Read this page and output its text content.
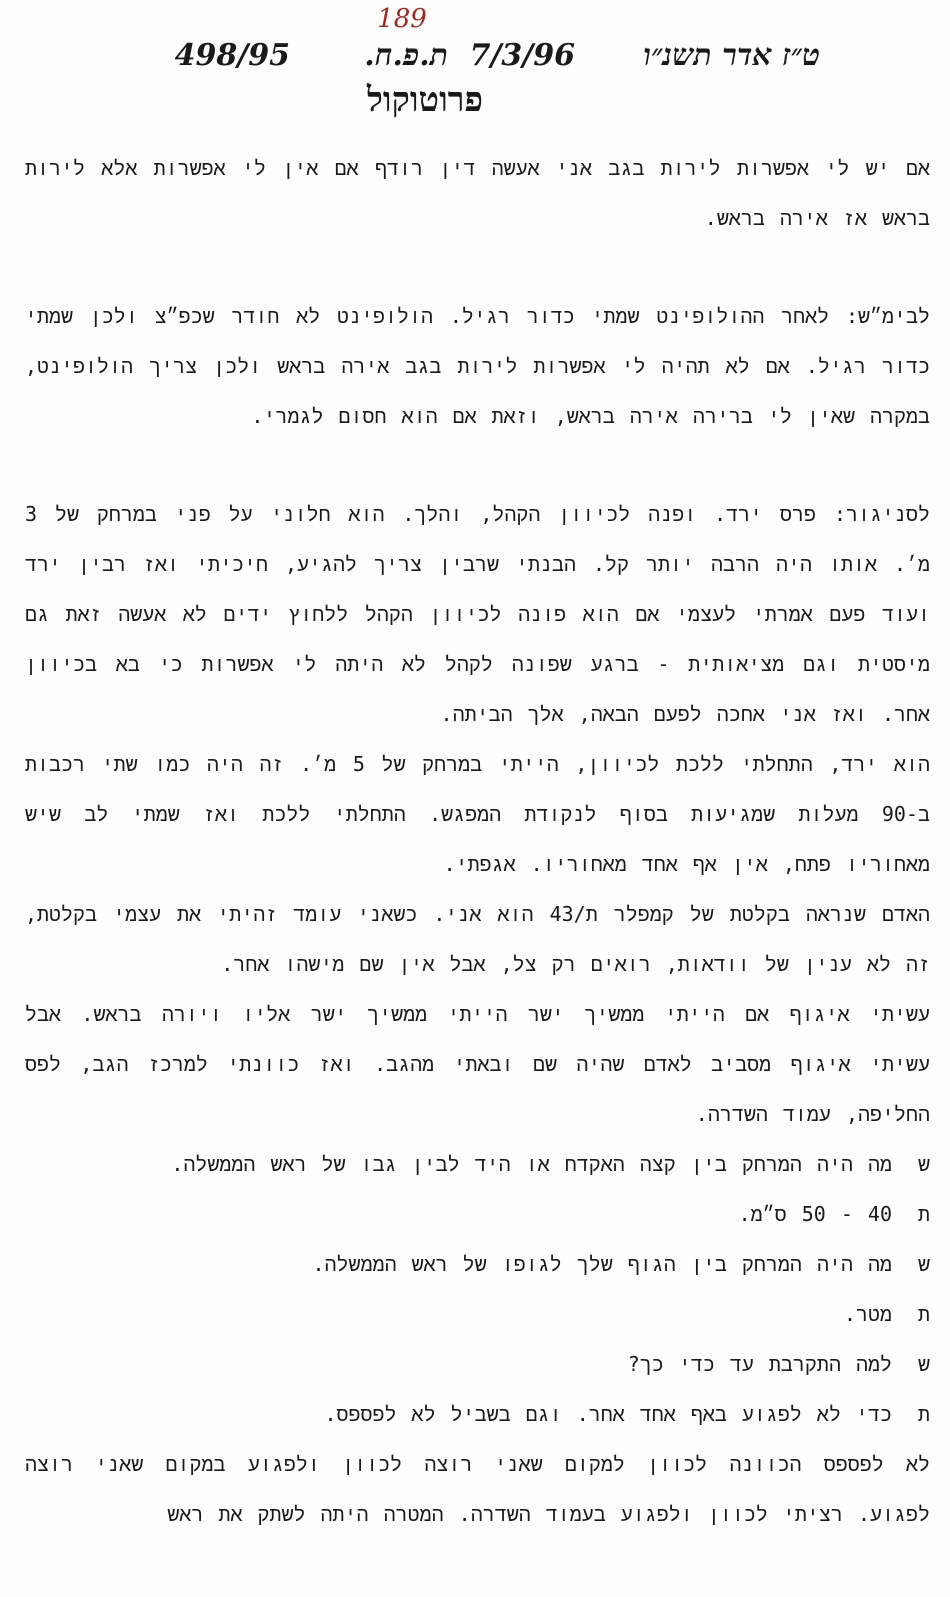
189
ט״ז אדר תשנ״ו
7/3/96
ת.פ.ח.
498/95
פרוטוקול

אם יש לי אפשרות לירות בגב אני אעשה דין רודף אם אין לי אפשרות אלא לירות בראש אז אירה בראש.

לבימ״ש: לאחר ההולופינט שמתי כדור רגיל. הולופינט לא חודר שכפ״צ ולכן שמתי כדור רגיל. אם לא תהיה לי אפשרות לירות בגב אירה בראש ולכן צריך הולופינט, במקרה שאין לי ברירה אירה בראש, וזאת אם הוא חסום לגמרי.

לסניגור: פרס ירד. ופנה לכיוון הקהל, והלך. הוא חלוני על פני במרחק של 3 מ׳. אותו היה הרבה יותר קל. הבנתי שרבין צריך להגיע, חיכיתי ואז רבין ירד ועוד פעם אמרתי לעצמי אם הוא פונה לכיוון הקהל ללחוץ ידים לא אעשה זאת גם מיסטית וגם מציאותית - ברגע שפונה לקהל לא היתה לי אפשרות כי בא בכיוון אחר. ואז אני אחכה לפעם הבאה, אלך הביתה.

הוא ירד, התחלתי ללכת לכיוון, הייתי במרחק של 5 מ׳. זה היה כמו שתי רכבות ב-90 מעלות שמגיעות בסוף לנקודת המפגש. התחלתי ללכת ואז שמתי לב שיש מאחוריו פתח, אין אף אחד מאחוריו. אגפתי.

האדם שנראה בקלטת של קמפלר ת/43 הוא אני. כשאני עומד זהיתי את עצמי בקלטת, זה לא ענין של וודאות, רואים רק צל, אבל אין שם מישהו אחר.

עשיתי איגוף אם הייתי ממשיך ישר הייתי ממשיך ישר אליו ויורה בראש. אבל עשיתי איגוף מסביב לאדם שהיה שם ובאתי מהגב. ואז כוונתי למרכז הגב, לפס החליפה, עמוד השדרה.

ש
מה היה המרחק בין קצה האקדח או היד לבין גבו של ראש הממשלה.
ת
40 - 50 ס״מ.
ש
מה היה המרחק בין הגוף שלך לגופו של ראש הממשלה.
ת
מטר.
ש
למה התקרבת עד כדי כך?
ת
כדי לא לפגוע באף אחד אחר. וגם בשביל לא לפספס.

לא לפספס הכוונה לכוון למקום שאני רוצה לכוון ולפגוע במקום שאני רוצה לפגוע. רציתי לכוון ולפגוע בעמוד השדרה. המטרה היתה לשתק את ראש
